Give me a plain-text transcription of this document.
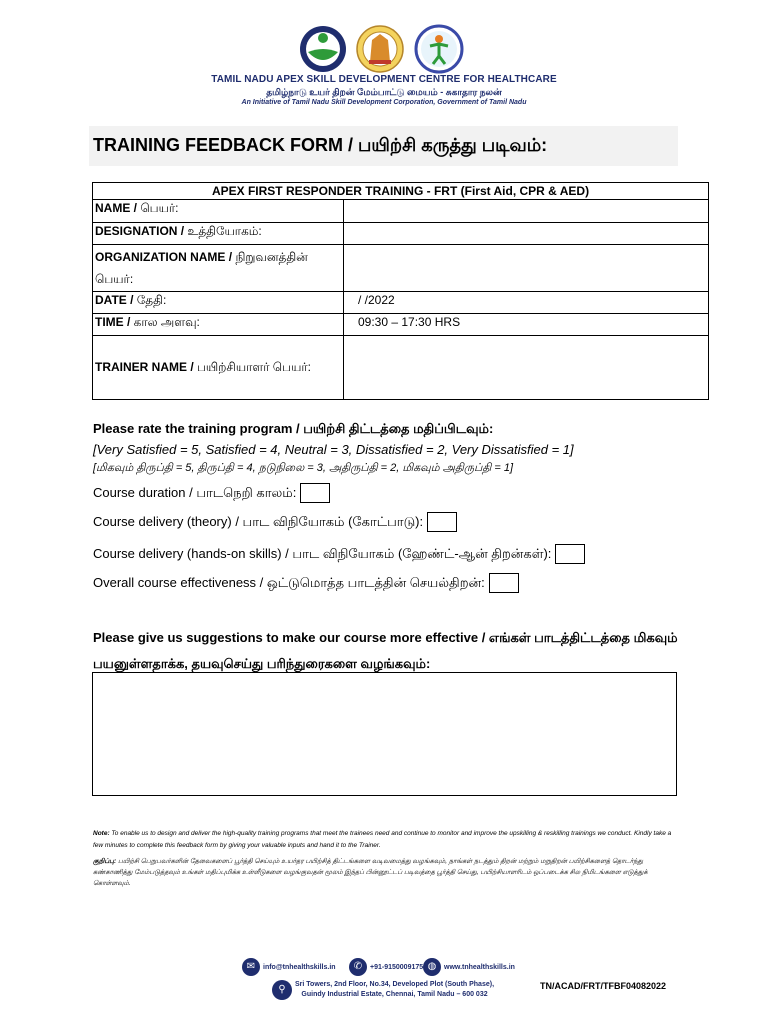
TAMIL NADU APEX SKILL DEVELOPMENT CENTRE FOR HEALTHCARE
தமிழ்நாடு உயர் திறன் மேம்பாட்டு மையம் - சுகாதார நலன்
An Initiative of Tamil Nadu Skill Development Corporation, Government of Tamil Nadu
TRAINING FEEDBACK FORM / பயிற்சி கருத்து படிவம்:
APEX FIRST RESPONDER TRAINING - FRT (First Aid, CPR & AED)	
NAME / பெயர்:	
DESIGNATION / உத்தியோகம்:	
ORGANIZATION NAME / நிறுவனத்தின் பெயர்:	
DATE / தேதி:	/ /2022
TIME / கால அளவு:	09:30 – 17:30 HRS
TRAINER NAME / பயிற்சியாளர் பெயர்:	
Please rate the training program / பயிற்சி திட்டத்தை மதிப்பிடவும்:
[Very Satisfied = 5, Satisfied = 4, Neutral = 3, Dissatisfied = 2, Very Dissatisfied = 1]
[மிகவும் திருப்தி = 5, திருப்தி = 4, நடுநிலை = 3, அதிருப்தி = 2, மிகவும் அதிருப்தி = 1]
Course duration / பாடநெறி காலம்:
Course delivery (theory) / பாட விநியோகம் (கோட்பாடு):
Course delivery (hands-on skills) / பாட விநியோகம் (ஹேண்ட்-ஆன் திறன்கள்):
Overall course effectiveness / ஒட்டுமொத்த பாடத்தின் செயல்திறன்:
Please give us suggestions to make our course more effective / எங்கள் பாடத்திட்டத்தை மிகவும் பயனுள்ளதாக்க, தயவுசெய்து பரிந்துரைகளை வழங்கவும்:
Note: To enable us to design and deliver the high-quality training programs that meet the trainees need and continue to monitor and improve the upskilling & reskilling trainings we conduct. Kindly take a few minutes to complete this feedback form by giving your valuable inputs and hand it to the Trainer.
குறிப்பு: பயிற்சி பெறுபவர்களின் தேவைகளைப் பூர்த்தி செய்யும் உயர்தர பயிற்சித் திட்டங்களை வடிவமைத்து வழங்கவும், நாங்கள் நடத்தும் திறன் மற்றும் மறுதிறன் பயிற்சிகளைத் தொடர்ந்து கண்காணித்து மேம்படுத்தவும் உங்கள் மதிப்புமிக்க உள்ளீடுகளை வழங்குவதன் மூலம் இந்தப் பின்னூட்டப் படிவத்தை பூர்த்தி செய்து, பயிற்சியாளரிடம் ஒப்படைக்க சில நிமிடங்களை எடுத்துக் கொள்ளவும்.
✉	info@tnhealthskills.in	✆	+91-9150009175 ◍	www.tnhealthskills.in
⚲	Sri Towers, 2nd Floor, No.34, Developed Plot (South Phase),
Guindy Industrial Estate, Chennai, Tamil Nadu – 600 032
TN/ACAD/FRT/TFBF04082022
